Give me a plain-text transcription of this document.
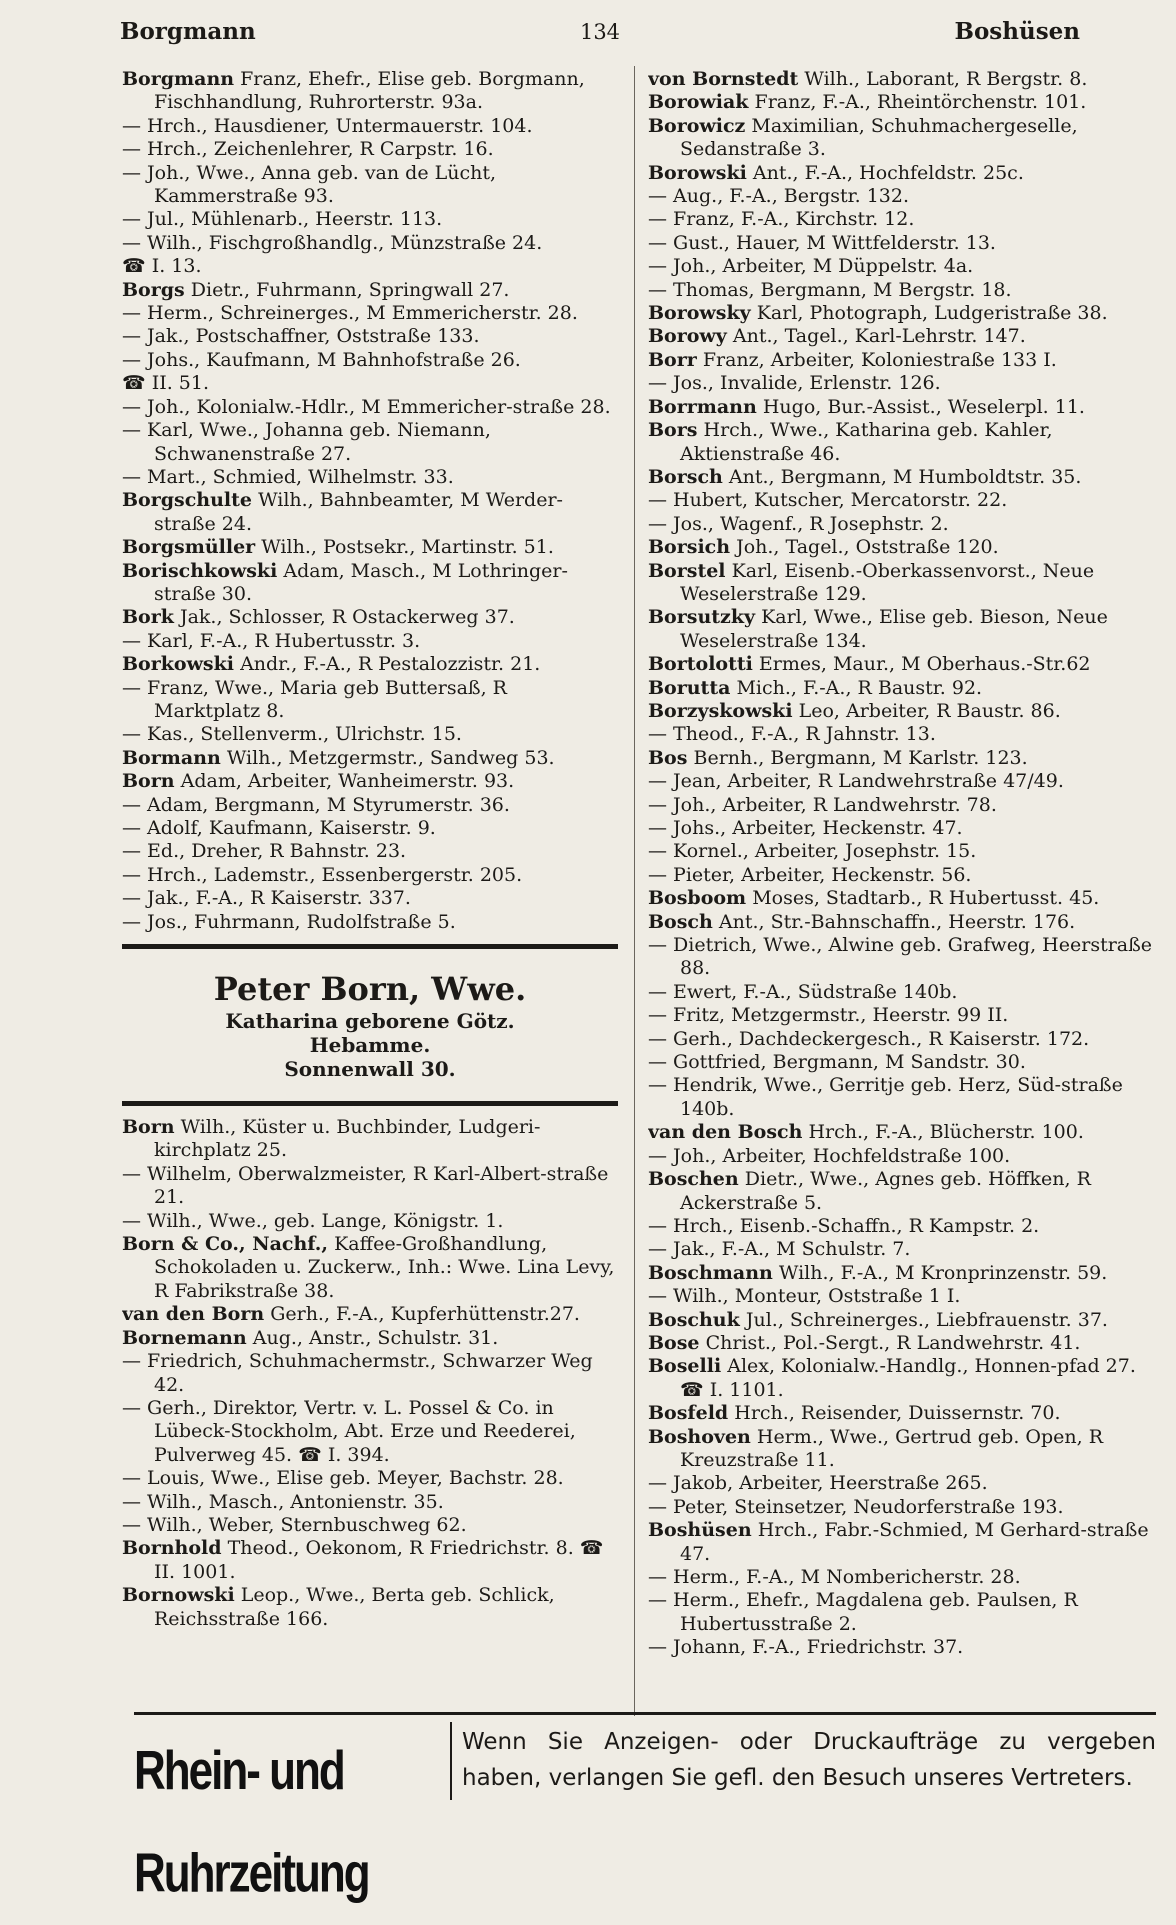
Borgmann	134	Boshüsen

Borgmann Franz, Ehefr., Elise geb. Borgmann, Fischhandlung, Ruhrorterstr. 93a.

— Hrch., Hausdiener, Untermauerstr. 104.

— Hrch., Zeichenlehrer, R Carpstr. 16.

— Joh., Wwe., Anna geb. van de Lücht, Kammerstraße 93.

— Jul., Mühlenarb., Heerstr. 113.

— Wilh., Fischgroßhandlg., Münzstraße 24.

☎ I. 13.

Borgs Dietr., Fuhrmann, Springwall 27.

— Herm., Schreinerges., M Emmericherstr. 28.

— Jak., Postschaffner, Oststraße 133.

— Johs., Kaufmann, M Bahnhofstraße 26.

☎ II. 51.

— Joh., Kolonialw.-Hdlr., M Emmericher-straße 28.

— Karl, Wwe., Johanna geb. Niemann, Schwanenstraße 27.

— Mart., Schmied, Wilhelmstr. 33.

Borgschulte Wilh., Bahnbeamter, M Werder-straße 24.

Borgsmüller Wilh., Postsekr., Martinstr. 51.

Borischkowski Adam, Masch., M Lothringer-straße 30.

Bork Jak., Schlosser, R Ostackerweg 37.

— Karl, F.-A., R Hubertusstr. 3.

Borkowski Andr., F.-A., R Pestalozzistr. 21.

— Franz, Wwe., Maria geb Buttersaß, R Marktplatz 8.

— Kas., Stellenverm., Ulrichstr. 15.

Bormann Wilh., Metzgermstr., Sandweg 53.

Born Adam, Arbeiter, Wanheimerstr. 93.

— Adam, Bergmann, M Styrumerstr. 36.

— Adolf, Kaufmann, Kaiserstr. 9.

— Ed., Dreher, R Bahnstr. 23.

— Hrch., Lademstr., Essenbergerstr. 205.

— Jak., F.-A., R Kaiserstr. 337.

— Jos., Fuhrmann, Rudolfstraße 5.

Peter Born, Wwe.
Katharina geborene Götz.
Hebamme.
Sonnenwall 30.

Born Wilh., Küster u. Buchbinder, Ludgeri-kirchplatz 25.

— Wilhelm, Oberwalzmeister, R Karl-Albert-straße 21.

— Wilh., Wwe., geb. Lange, Königstr. 1.

Born & Co., Nachf., Kaffee-Großhandlung, Schokoladen u. Zuckerw., Inh.: Wwe. Lina Levy, R Fabrikstraße 38.

van den Born Gerh., F.-A., Kupferhüttenstr.27.

Bornemann Aug., Anstr., Schulstr. 31.

— Friedrich, Schuhmachermstr., Schwarzer Weg 42.

— Gerh., Direktor, Vertr. v. L. Possel & Co. in Lübeck-Stockholm, Abt. Erze und Reederei, Pulverweg 45. ☎ I. 394.

— Louis, Wwe., Elise geb. Meyer, Bachstr. 28.

— Wilh., Masch., Antonienstr. 35.

— Wilh., Weber, Sternbuschweg 62.

Bornhold Theod., Oekonom, R Friedrichstr. 8. ☎ II. 1001.

Bornowski Leop., Wwe., Berta geb. Schlick, Reichsstraße 166.

von Bornstedt Wilh., Laborant, R Bergstr. 8.

Borowiak Franz, F.-A., Rheintörchenstr. 101.

Borowicz Maximilian, Schuhmachergeselle, Sedanstraße 3.

Borowski Ant., F.-A., Hochfeldstr. 25c.

— Aug., F.-A., Bergstr. 132.

— Franz, F.-A., Kirchstr. 12.

— Gust., Hauer, M Wittfelderstr. 13.

— Joh., Arbeiter, M Düppelstr. 4a.

— Thomas, Bergmann, M Bergstr. 18.

Borowsky Karl, Photograph, Ludgeristraße 38.

Borowy Ant., Tagel., Karl-Lehrstr. 147.

Borr Franz, Arbeiter, Koloniestraße 133 I.

— Jos., Invalide, Erlenstr. 126.

Borrmann Hugo, Bur.-Assist., Weselerpl. 11.

Bors Hrch., Wwe., Katharina geb. Kahler, Aktienstraße 46.

Borsch Ant., Bergmann, M Humboldtstr. 35.

— Hubert, Kutscher, Mercatorstr. 22.

— Jos., Wagenf., R Josephstr. 2.

Borsich Joh., Tagel., Oststraße 120.

Borstel Karl, Eisenb.-Oberkassenvorst., Neue Weselerstraße 129.

Borsutzky Karl, Wwe., Elise geb. Bieson, Neue Weselerstraße 134.

Bortolotti Ermes, Maur., M Oberhaus.-Str.62

Borutta Mich., F.-A., R Baustr. 92.

Borzyskowski Leo, Arbeiter, R Baustr. 86.

— Theod., F.-A., R Jahnstr. 13.

Bos Bernh., Bergmann, M Karlstr. 123.

— Jean, Arbeiter, R Landwehrstraße 47/49.

— Joh., Arbeiter, R Landwehrstr. 78.

— Johs., Arbeiter, Heckenstr. 47.

— Kornel., Arbeiter, Josephstr. 15.

— Pieter, Arbeiter, Heckenstr. 56.

Bosboom Moses, Stadtarb., R Hubertusst. 45.

Bosch Ant., Str.-Bahnschaffn., Heerstr. 176.

— Dietrich, Wwe., Alwine geb. Grafweg, Heerstraße 88.

— Ewert, F.-A., Südstraße 140b.

— Fritz, Metzgermstr., Heerstr. 99 II.

— Gerh., Dachdeckergesch., R Kaiserstr. 172.

— Gottfried, Bergmann, M Sandstr. 30.

— Hendrik, Wwe., Gerritje geb. Herz, Süd-straße 140b.

van den Bosch Hrch., F.-A., Blücherstr. 100.

— Joh., Arbeiter, Hochfeldstraße 100.

Boschen Dietr., Wwe., Agnes geb. Höffken, R Ackerstraße 5.

— Hrch., Eisenb.-Schaffn., R Kampstr. 2.

— Jak., F.-A., M Schulstr. 7.

Boschmann Wilh., F.-A., M Kronprinzenstr. 59.

— Wilh., Monteur, Oststraße 1 I.

Boschuk Jul., Schreinerges., Liebfrauenstr. 37.

Bose Christ., Pol.-Sergt., R Landwehrstr. 41.

Boselli Alex, Kolonialw.-Handlg., Honnen-pfad 27. ☎ I. 1101.

Bosfeld Hrch., Reisender, Duissernstr. 70.

Boshoven Herm., Wwe., Gertrud geb. Open, R Kreuzstraße 11.

— Jakob, Arbeiter, Heerstraße 265.

— Peter, Steinsetzer, Neudorferstraße 193.

Boshüsen Hrch., Fabr.-Schmied, M Gerhard-straße 47.

— Herm., F.-A., M Nombericherstr. 28.

— Herm., Ehefr., Magdalena geb. Paulsen, R Hubertusstraße 2.

— Johann, F.-A., Friedrichstr. 37.

Rhein- und Ruhrzeitung
Wenn Sie Anzeigen- oder Druckaufträge zu vergeben haben, verlangen Sie gefl. den Besuch unseres Vertreters.
